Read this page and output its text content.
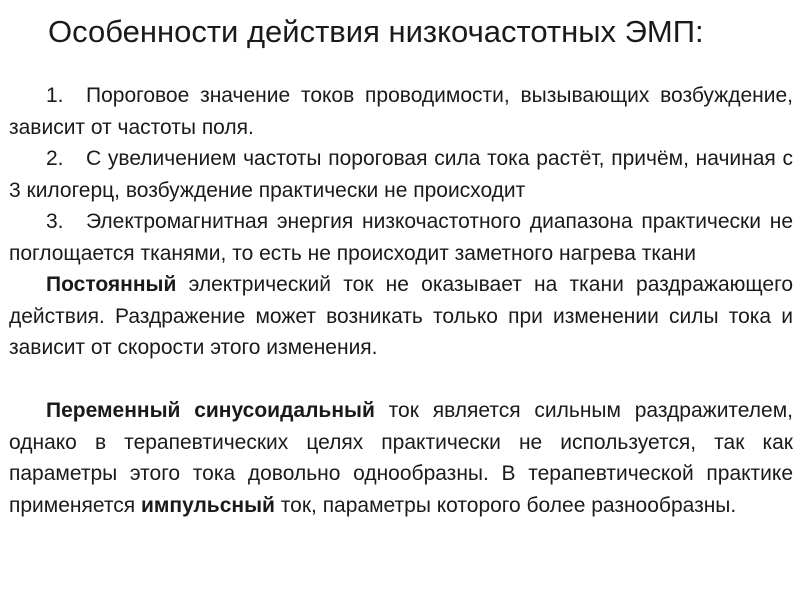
Особенности действия низкочастотных ЭМП:

1. Пороговое значение токов проводимости, вызывающих возбуждение, зависит от частоты поля.

2. С увеличением частоты пороговая сила тока растёт, причём, начиная с 3 килогерц, возбуждение практически не происходит

3. Электромагнитная энергия низкочастотного диапазона практически не поглощается тканями, то есть не происходит заметного нагрева ткани

Постоянный электрический ток не оказывает на ткани раздражающего действия. Раздражение может возникать только при изменении силы тока и зависит от скорости этого изменения.

Переменный синусоидальный ток является сильным раздражителем, однако в терапевтических целях практически не используется, так как параметры этого тока довольно однообразны. В терапевтической практике применяется импульсный ток, параметры которого более разнообразны.
